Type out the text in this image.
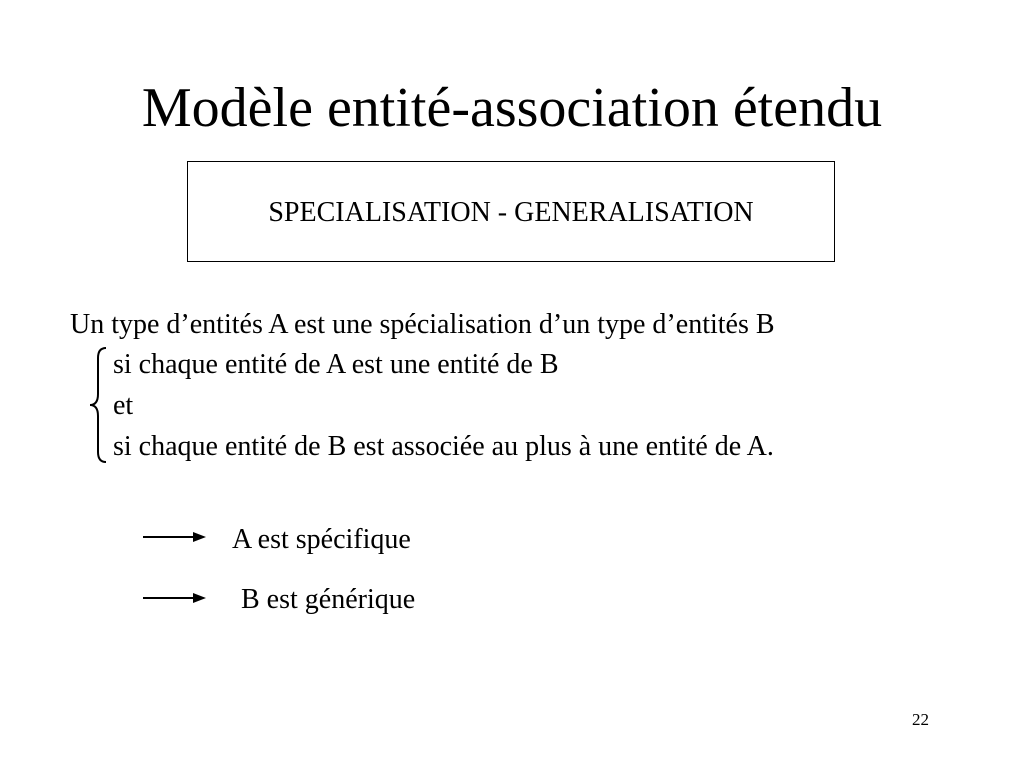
Modèle entité-association étendu
SPECIALISATION - GENERALISATION
Un type d’entités A est une spécialisation d’un type d’entités B
si chaque entité de A est une entité de B
et
si chaque entité de B est associée au plus à une entité de A.
A est spécifique
B est générique
22
